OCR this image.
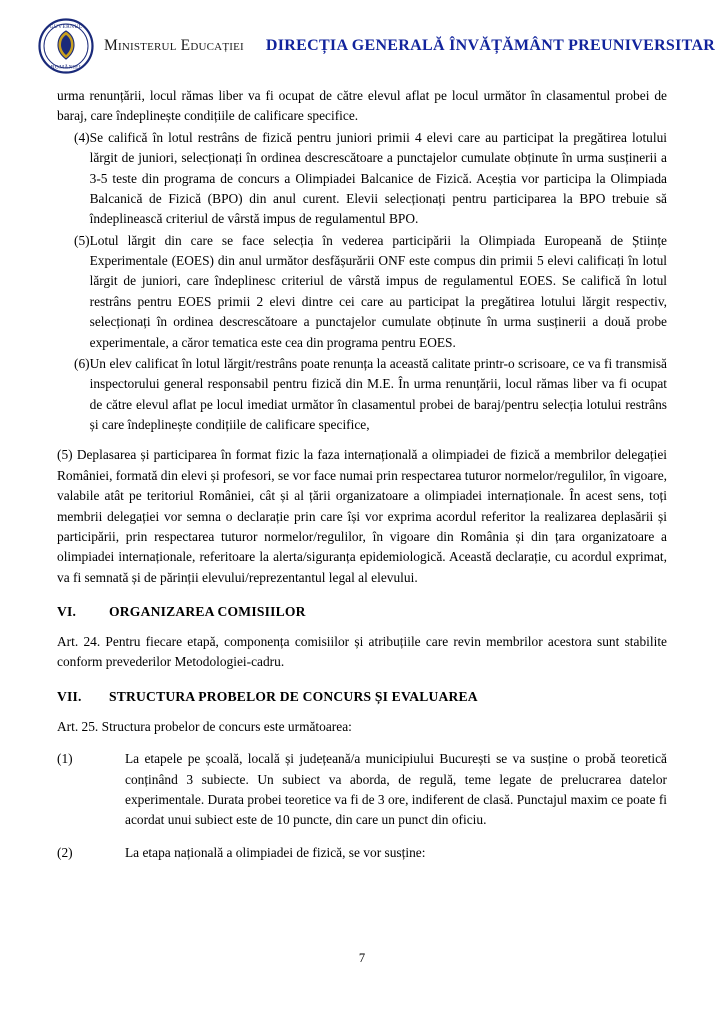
GUVERNUL
ROMÂNIEI
Ministerul Educației DIRECȚIA GENERALĂ ÎNVĂȚĂMÂNT PREUNIVERSITAR

urma renunțării, locul rămas liber va fi ocupat de către elevul aflat pe locul următor în clasamentul probei de baraj, care îndeplinește condițiile de calificare specifice.

(4) Se califică în lotul restrâns de fizică pentru juniori primii 4 elevi care au participat la pregătirea lotului lărgit de juniori, selecționați în ordinea descrescătoare a punctajelor cumulate obținute în urma susținerii a 3-5 teste din programa de concurs a Olimpiadei Balcanice de Fizică. Aceștia vor participa la Olimpiada Balcanică de Fizică (BPO) din anul curent. Elevii selecționați pentru participarea la BPO trebuie să îndeplinească criteriul de vârstă impus de regulamentul BPO.
(5) Lotul lărgit din care se face selecția în vederea participării la Olimpiada Europeană de Științe Experimentale (EOES) din anul următor desfășurării ONF este compus din primii 5 elevi calificați în lotul lărgit de juniori, care îndeplinesc criteriul de vârstă impus de regulamentul EOES. Se califică în lotul restrâns pentru EOES primii 2 elevi dintre cei care au participat la pregătirea lotului lărgit respectiv, selecționați în ordinea descrescătoare a punctajelor cumulate obținute în urma susținerii a două probe experimentale, a căror tematica este cea din programa pentru EOES.
(6) Un elev calificat în lotul lărgit/restrâns poate renunța la această calitate printr-o scrisoare, ce va fi transmisă inspectorului general responsabil pentru fizică din M.E. În urma renunțării, locul rămas liber va fi ocupat de către elevul aflat pe locul imediat următor în clasamentul probei de baraj/pentru selecția lotului restrâns și care îndeplinește condițiile de calificare specifice,

(5) Deplasarea și participarea în format fizic la faza internațională a olimpiadei de fizică a membrilor delegației României, formată din elevi și profesori, se vor face numai prin respectarea tuturor normelor/regulilor, în vigoare, valabile atât pe teritoriul României, cât și al țării organizatoare a olimpiadei internaționale. În acest sens, toți membrii delegației vor semna o declarație prin care își vor exprima acordul referitor la realizarea deplasării și participării, prin respectarea tuturor normelor/regulilor, în vigoare din România și din țara organizatoare a olimpiadei internaționale, referitoare la alerta/siguranța epidemiologică. Această declarație, cu acordul exprimat, va fi semnată și de părinții elevului/reprezentantul legal al elevului.

VI.	ORGANIZAREA COMISIILOR

Art. 24. Pentru fiecare etapă, componența comisiilor și atribuțiile care revin membrilor acestora sunt stabilite conform prevederilor Metodologiei-cadru.

VII.	STRUCTURA PROBELOR DE CONCURS ȘI EVALUAREA

Art. 25. Structura probelor de concurs este următoarea:

(1)	La etapele pe școală, locală și județeană/a municipiului București se va susține o probă teoretică conținând 3 subiecte. Un subiect va aborda, de regulă, teme legate de prelucrarea datelor experimentale. Durata probei teoretice va fi de 3 ore, indiferent de clasă. Punctajul maxim ce poate fi acordat unui subiect este de 10 puncte, din care un punct din oficiu.
(2)	La etapa națională a olimpiadei de fizică, se vor susține:
7
